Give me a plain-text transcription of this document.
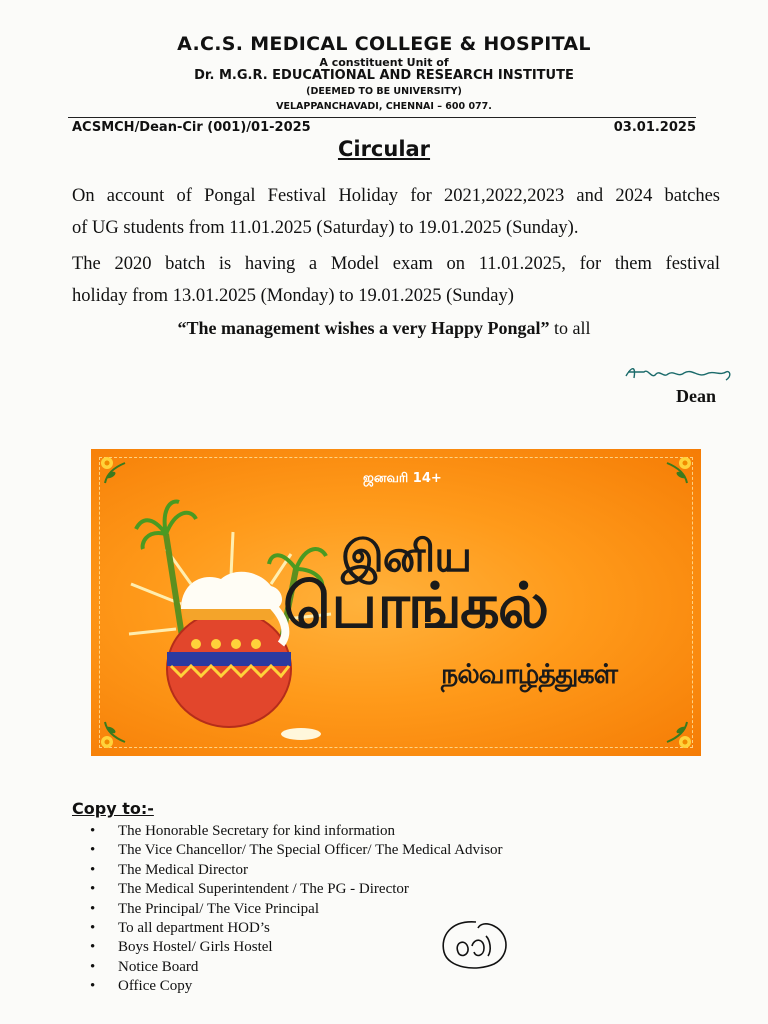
A.C.S. MEDICAL COLLEGE & HOSPITAL
A constituent Unit of
Dr. M.G.R. EDUCATIONAL AND RESEARCH INSTITUTE
(DEEMED TO BE UNIVERSITY)
VELAPPANCHAVADI, CHENNAI – 600 077.
ACSMCH/Dean-Cir (001)/01-2025	03.01.2025
Circular
On account of Pongal Festival Holiday for 2021,2022,2023 and 2024 batches
of UG students from 11.01.2025 (Saturday) to 19.01.2025 (Sunday).
The 2020 batch is having a Model exam on 11.01.2025, for them festival
holiday from 13.01.2025 (Monday) to 19.01.2025 (Sunday)
“The management wishes a very Happy Pongal” to all
Dean
ஜனவரி 14+
இனிய
பொங்கல்
நல்வாழ்த்துகள்
Copy to:-
• The Honorable Secretary for kind information
• The Vice Chancellor/ The Special Officer/ The Medical Advisor
• The Medical Director
• The Medical Superintendent / The PG - Director
• The Principal/ The Vice Principal
• To all department HOD’s
• Boys Hostel/ Girls Hostel
• Notice Board
• Office Copy
